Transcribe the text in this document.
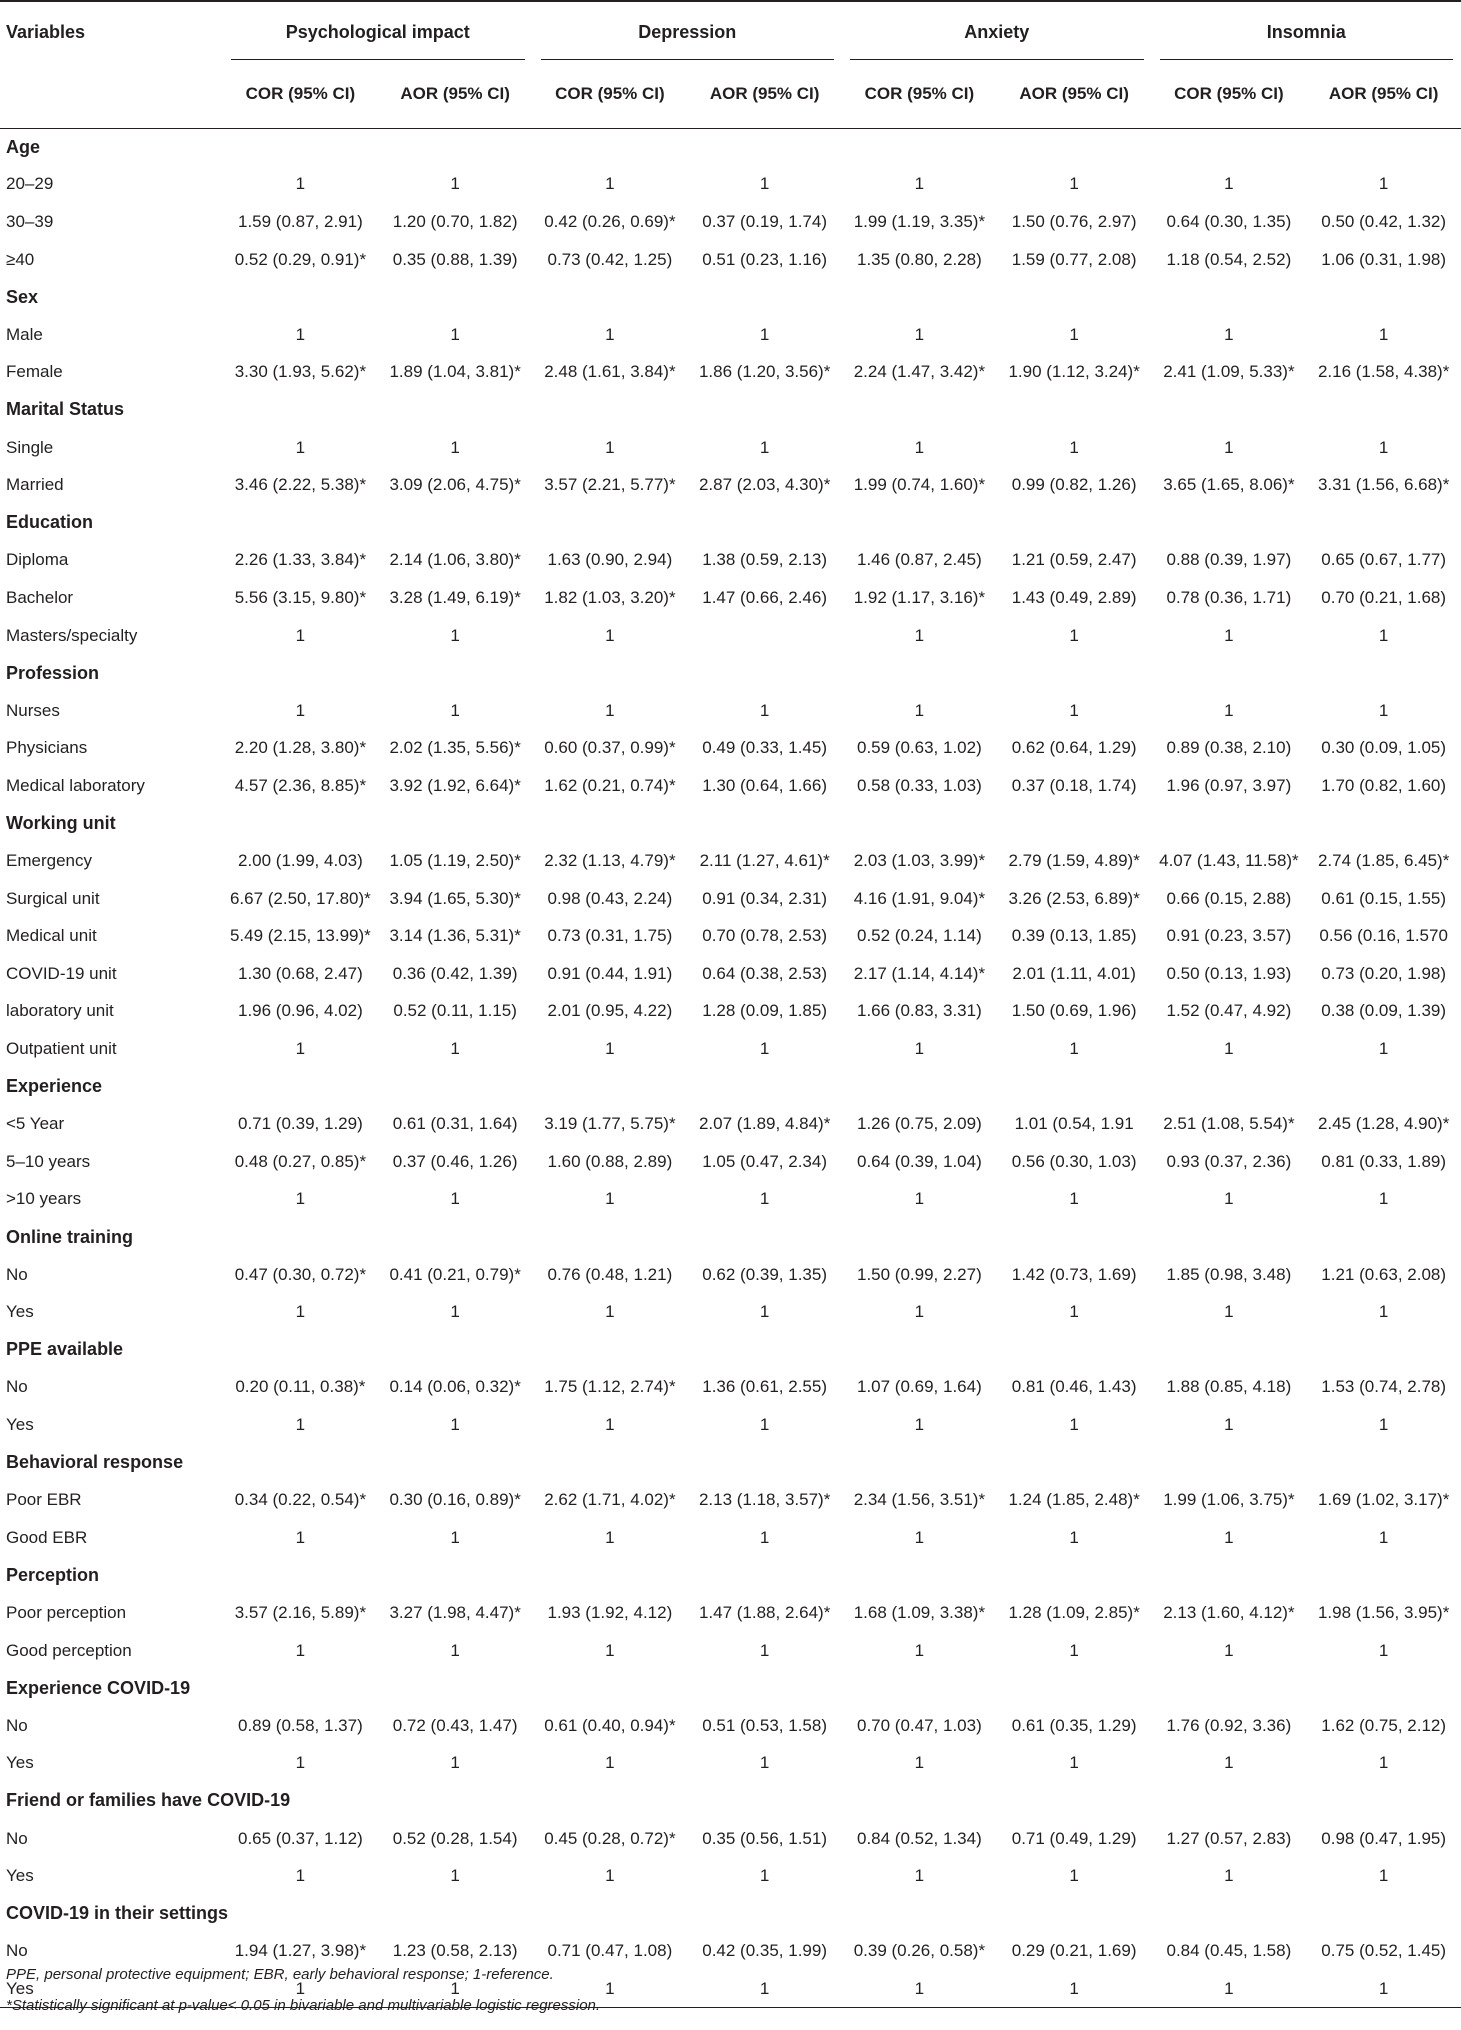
Variables	Psychological impact		Depression		Anxiety		Insomnia	

	COR (95% CI)	AOR (95% CI)	COR (95% CI)	AOR (95% CI)	COR (95% CI)	AOR (95% CI)	COR (95% CI)	AOR (95% CI)
Age								
20–29	1	1	1	1	1	1	1	1
30–39	1.59 (0.87, 2.91)	1.20 (0.70, 1.82)	0.42 (0.26, 0.69)*	0.37 (0.19, 1.74)	1.99 (1.19, 3.35)*	1.50 (0.76, 2.97)	0.64 (0.30, 1.35)	0.50 (0.42, 1.32)
≥40	0.52 (0.29, 0.91)*	0.35 (0.88, 1.39)	0.73 (0.42, 1.25)	0.51 (0.23, 1.16)	1.35 (0.80, 2.28)	1.59 (0.77, 2.08)	1.18 (0.54, 2.52)	1.06 (0.31, 1.98)
Sex								
Male	1	1	1	1	1	1	1	1
Female	3.30 (1.93, 5.62)*	1.89 (1.04, 3.81)*	2.48 (1.61, 3.84)*	1.86 (1.20, 3.56)*	2.24 (1.47, 3.42)*	1.90 (1.12, 3.24)*	2.41 (1.09, 5.33)*	2.16 (1.58, 4.38)*
Marital Status								
Single	1	1	1	1	1	1	1	1
Married	3.46 (2.22, 5.38)*	3.09 (2.06, 4.75)*	3.57 (2.21, 5.77)*	2.87 (2.03, 4.30)*	1.99 (0.74, 1.60)*	0.99 (0.82, 1.26)	3.65 (1.65, 8.06)*	3.31 (1.56, 6.68)*
Education								
Diploma	2.26 (1.33, 3.84)*	2.14 (1.06, 3.80)*	1.63 (0.90, 2.94)	1.38 (0.59, 2.13)	1.46 (0.87, 2.45)	1.21 (0.59, 2.47)	0.88 (0.39, 1.97)	0.65 (0.67, 1.77)
Bachelor	5.56 (3.15, 9.80)*	3.28 (1.49, 6.19)*	1.82 (1.03, 3.20)*	1.47 (0.66, 2.46)	1.92 (1.17, 3.16)*	1.43 (0.49, 2.89)	0.78 (0.36, 1.71)	0.70 (0.21, 1.68)
Masters/specialty	1	1	1		1	1	1	1
Profession								
Nurses	1	1	1	1	1	1	1	1
Physicians	2.20 (1.28, 3.80)*	2.02 (1.35, 5.56)*	0.60 (0.37, 0.99)*	0.49 (0.33, 1.45)	0.59 (0.63, 1.02)	0.62 (0.64, 1.29)	0.89 (0.38, 2.10)	0.30 (0.09, 1.05)
Medical laboratory	4.57 (2.36, 8.85)*	3.92 (1.92, 6.64)*	1.62 (0.21, 0.74)*	1.30 (0.64, 1.66)	0.58 (0.33, 1.03)	0.37 (0.18, 1.74)	1.96 (0.97, 3.97)	1.70 (0.82, 1.60)
Working unit								
Emergency	2.00 (1.99, 4.03)	1.05 (1.19, 2.50)*	2.32 (1.13, 4.79)*	2.11 (1.27, 4.61)*	2.03 (1.03, 3.99)*	2.79 (1.59, 4.89)*	4.07 (1.43, 11.58)*	2.74 (1.85, 6.45)*
Surgical unit	6.67 (2.50, 17.80)*	3.94 (1.65, 5.30)*	0.98 (0.43, 2.24)	0.91 (0.34, 2.31)	4.16 (1.91, 9.04)*	3.26 (2.53, 6.89)*	0.66 (0.15, 2.88)	0.61 (0.15, 1.55)
Medical unit	5.49 (2.15, 13.99)*	3.14 (1.36, 5.31)*	0.73 (0.31, 1.75)	0.70 (0.78, 2.53)	0.52 (0.24, 1.14)	0.39 (0.13, 1.85)	0.91 (0.23, 3.57)	0.56 (0.16, 1.570
COVID-19 unit	1.30 (0.68, 2.47)	0.36 (0.42, 1.39)	0.91 (0.44, 1.91)	0.64 (0.38, 2.53)	2.17 (1.14, 4.14)*	2.01 (1.11, 4.01)	0.50 (0.13, 1.93)	0.73 (0.20, 1.98)
laboratory unit	1.96 (0.96, 4.02)	0.52 (0.11, 1.15)	2.01 (0.95, 4.22)	1.28 (0.09, 1.85)	1.66 (0.83, 3.31)	1.50 (0.69, 1.96)	1.52 (0.47, 4.92)	0.38 (0.09, 1.39)
Outpatient unit	1	1	1	1	1	1	1	1
Experience								
<5 Year	0.71 (0.39, 1.29)	0.61 (0.31, 1.64)	3.19 (1.77, 5.75)*	2.07 (1.89, 4.84)*	1.26 (0.75, 2.09)	1.01 (0.54, 1.91	2.51 (1.08, 5.54)*	2.45 (1.28, 4.90)*
5–10 years	0.48 (0.27, 0.85)*	0.37 (0.46, 1.26)	1.60 (0.88, 2.89)	1.05 (0.47, 2.34)	0.64 (0.39, 1.04)	0.56 (0.30, 1.03)	0.93 (0.37, 2.36)	0.81 (0.33, 1.89)
>10 years	1	1	1	1	1	1	1	1
Online training								
No	0.47 (0.30, 0.72)*	0.41 (0.21, 0.79)*	0.76 (0.48, 1.21)	0.62 (0.39, 1.35)	1.50 (0.99, 2.27)	1.42 (0.73, 1.69)	1.85 (0.98, 3.48)	1.21 (0.63, 2.08)
Yes	1	1	1	1	1	1	1	1
PPE available								
No	0.20 (0.11, 0.38)*	0.14 (0.06, 0.32)*	1.75 (1.12, 2.74)*	1.36 (0.61, 2.55)	1.07 (0.69, 1.64)	0.81 (0.46, 1.43)	1.88 (0.85, 4.18)	1.53 (0.74, 2.78)
Yes	1	1	1	1	1	1	1	1
Behavioral response								
Poor EBR	0.34 (0.22, 0.54)*	0.30 (0.16, 0.89)*	2.62 (1.71, 4.02)*	2.13 (1.18, 3.57)*	2.34 (1.56, 3.51)*	1.24 (1.85, 2.48)*	1.99 (1.06, 3.75)*	1.69 (1.02, 3.17)*
Good EBR	1	1	1	1	1	1	1	1
Perception								
Poor perception	3.57 (2.16, 5.89)*	3.27 (1.98, 4.47)*	1.93 (1.92, 4.12)	1.47 (1.88, 2.64)*	1.68 (1.09, 3.38)*	1.28 (1.09, 2.85)*	2.13 (1.60, 4.12)*	1.98 (1.56, 3.95)*
Good perception	1	1	1	1	1	1	1	1
Experience COVID-19								
No	0.89 (0.58, 1.37)	0.72 (0.43, 1.47)	0.61 (0.40, 0.94)*	0.51 (0.53, 1.58)	0.70 (0.47, 1.03)	0.61 (0.35, 1.29)	1.76 (0.92, 3.36)	1.62 (0.75, 2.12)
Yes	1	1	1	1	1	1	1	1
Friend or families have COVID-19								
No	0.65 (0.37, 1.12)	0.52 (0.28, 1.54)	0.45 (0.28, 0.72)*	0.35 (0.56, 1.51)	0.84 (0.52, 1.34)	0.71 (0.49, 1.29)	1.27 (0.57, 2.83)	0.98 (0.47, 1.95)
Yes	1	1	1	1	1	1	1	1
COVID-19 in their settings								
No	1.94 (1.27, 3.98)*	1.23 (0.58, 2.13)	0.71 (0.47, 1.08)	0.42 (0.35, 1.99)	0.39 (0.26, 0.58)*	0.29 (0.21, 1.69)	0.84 (0.45, 1.58)	0.75 (0.52, 1.45)
Yes	1	1	1	1	1	1	1	1
PPE, personal protective equipment; EBR, early behavioral response; 1-reference.
*Statistically significant at p-value< 0.05 in bivariable and multivariable logistic regression.
